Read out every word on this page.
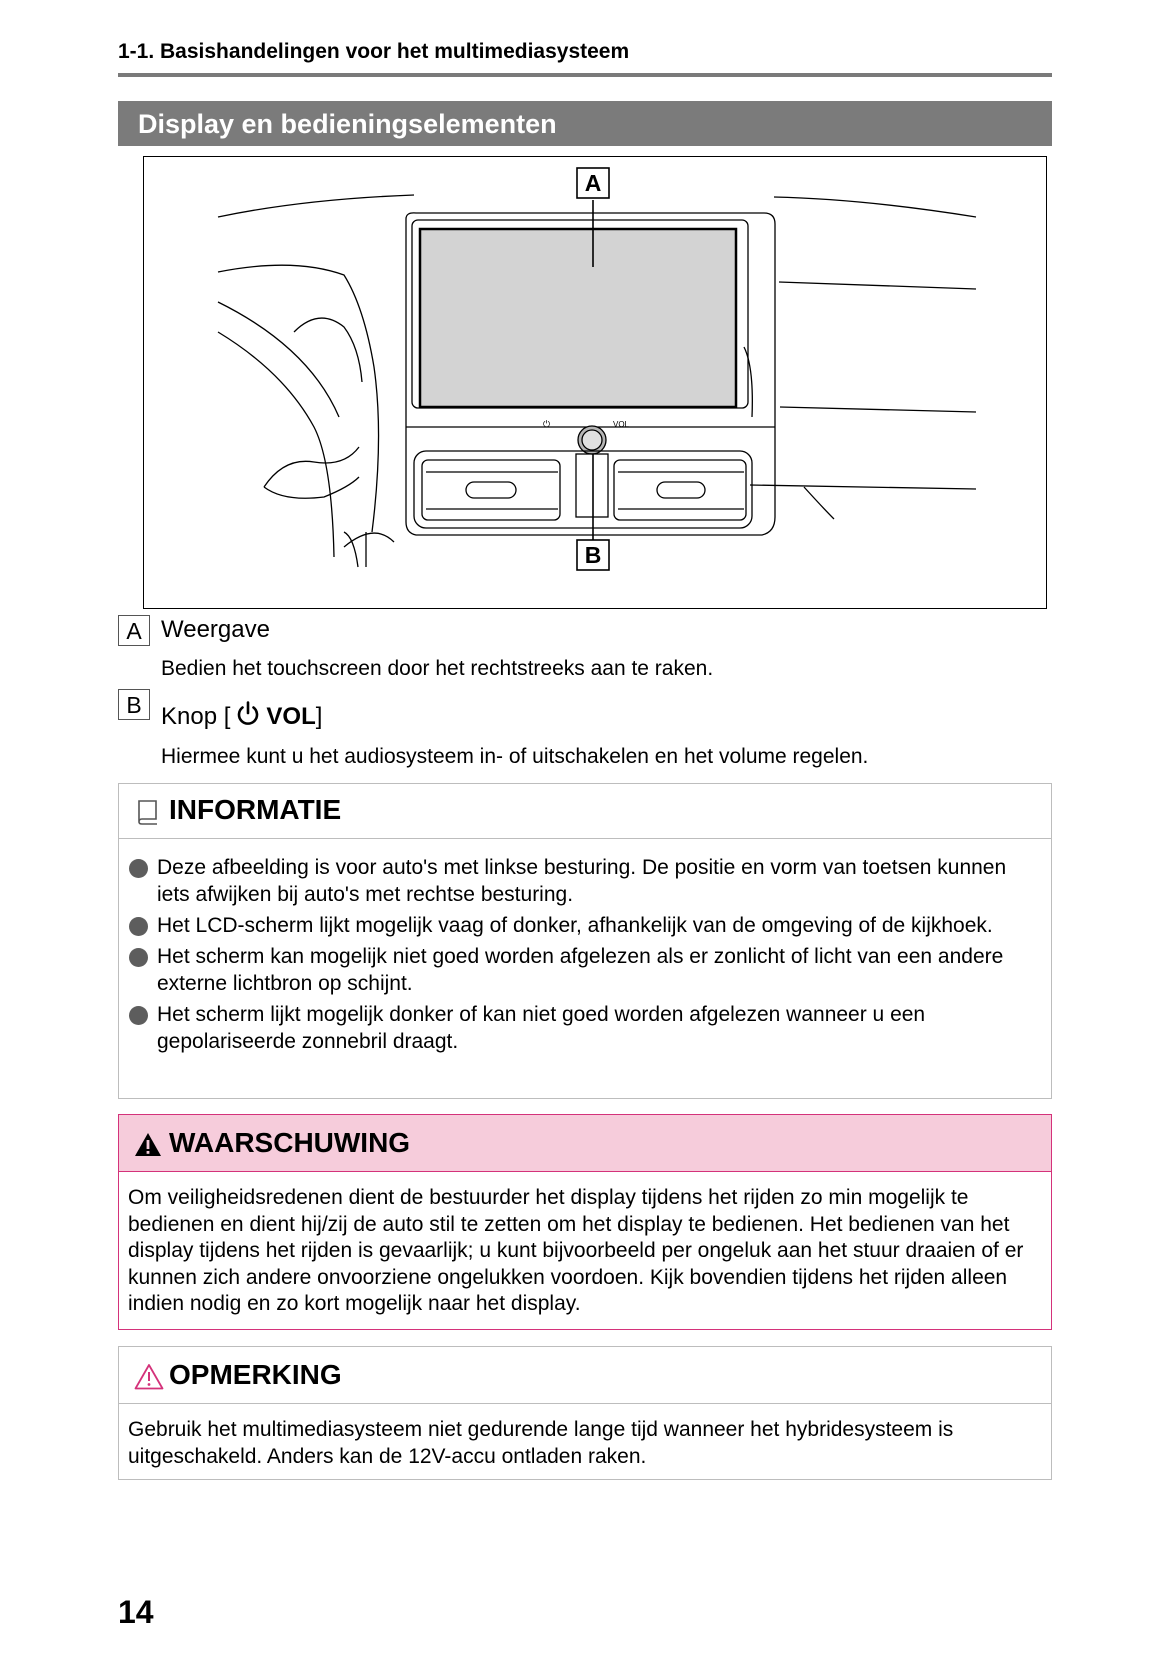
1-1. Basishandelingen voor het multimediasysteem
Display en bedieningselementen
⏻	VOL
A
B
A Weergave
Bedien het touchscreen door het rechtstreeks aan te raken.
B Knop [ VOL]
Hiermee kunt u het audiosysteem in- of uitschakelen en het volume regelen.
INFORMATIE
Deze afbeelding is voor auto's met linkse besturing. De positie en vorm van toetsen kunnen iets afwijken bij auto's met rechtse besturing.
Het LCD-scherm lijkt mogelijk vaag of donker, afhankelijk van de omgeving of de kijkhoek.
Het scherm kan mogelijk niet goed worden afgelezen als er zonlicht of licht van een andere externe lichtbron op schijnt.
Het scherm lijkt mogelijk donker of kan niet goed worden afgelezen wanneer u een gepolariseerde zonnebril draagt.
WAARSCHUWING
Om veiligheidsredenen dient de bestuurder het display tijdens het rijden zo min mogelijk te bedienen en dient hij/zij de auto stil te zetten om het display te bedienen. Het bedienen van het display tijdens het rijden is gevaarlijk; u kunt bijvoorbeeld per ongeluk aan het stuur draaien of er kunnen zich andere onvoorziene ongelukken voordoen. Kijk bovendien tijdens het rijden alleen indien nodig en zo kort mogelijk naar het display.
OPMERKING
Gebruik het multimediasysteem niet gedurende lange tijd wanneer het hybridesysteem is uitgeschakeld. Anders kan de 12V-accu ontladen raken.
14
